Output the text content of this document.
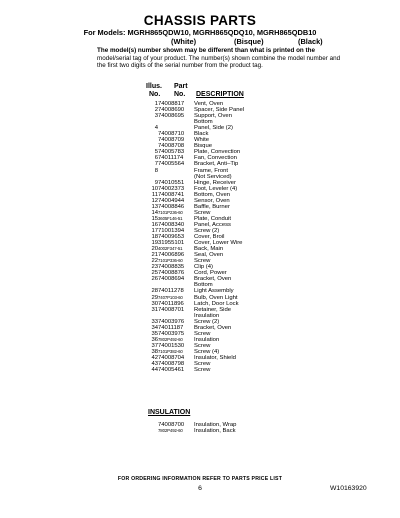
CHASSIS PARTS
For Models: MGRH865QDW10, MGRH865QDQ10, MGRH865QDB10
(White)	(Bisque)	(Black)
The model(s) number shown may be different than what is printed on the model/serial tag of your product. The number(s) shown combine the model number and the first two digits of the serial number from the product tag.
Illus.
No.
Part
No.	DESCRIPTION
1	74008817	Vent, Oven
2	74008690	Spacer, Side Panel
3	74008695	Support, Oven
		Bottom
4		Panel, Side (2)
	74008710	Black
	74008709	White
	74008708	Bisque
5	74005783	Plate, Convection
6	74011174	Fan, Convection
7	74005564	Bracket, Anti–Tip
8		Frame, Front
		(Not Serviced)
9	74010551	Hinge, Receiver
10	74002373	Foot, Leveler (4)
11	74008741	Bottom, Oven
12	74004944	Sensor, Oven
13	74008846	Baffle, Burner
14	7101P236-60	Screw
15	3605F146-51	Plate, Conduit
16	74008340	Panel, Access
17	71001394	Screw (2)
18	74009653	Cover, Broil
19	31955101	Cover, Lower Wire
20	4002F347-51	Back, Main
21	74006896	Seal, Oven
22	7101P336-60	Screw
23	74008835	Clip (4)
25	74008876	Cord, Power
26	74008694	Bracket, Oven
		Bottom
28	74011278	Light Assembly
29	7407P103-60	Bulb, Oven Light
30	74011896	Latch, Door Lock
31	74008701	Retainer, Side
		Insulation
33	74003976	Screw (2)
34	74011187	Bracket, Oven
35	74003975	Screw
36	7802P492-60	Insulation
37	74001530	Screw
38	7101P382-60	Screw (4)
42	74008704	Insulator, Shield
43	74008798	Screw
44	74005461	Screw
INSULATION
	74008700	Insulation, Wrap
	7802P492-60	Insulation, Back
FOR ORDERING INFORMATION REFER TO PARTS PRICE LIST
6	W10163920
